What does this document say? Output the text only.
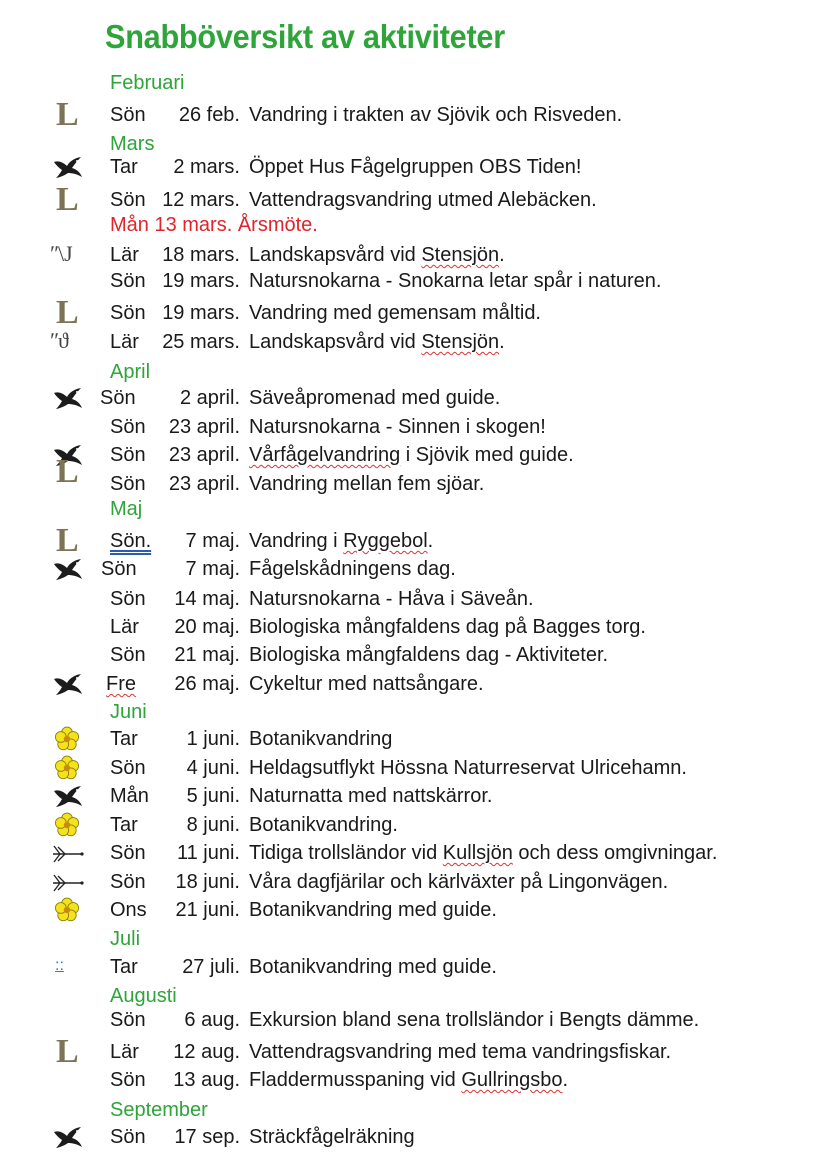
Snabböversikt av aktiviteter
Februari
Mars
April
Maj
Juni
Juli
Augusti
September
Sön 26 feb. Vandring i trakten av Sjövik och Risveden.
L
Tar 2 mars. Öppet Hus Fågelgruppen OBS Tiden!
Sön 12 mars. Vattendragsvandring utmed Alebäcken.
L
Mån 13 mars. Årsmöte.
Lär 18 mars. Landskapsvård vid Stensjön.
ʺ\J
Sön 19 mars. Natursnokarna - Snokarna letar spår i naturen.
Sön 19 mars. Vandring med gemensam måltid.
L
Lär 25 mars. Landskapsvård vid Stensjön.
ʺϑ
Sön 2 april. Säveåpromenad med guide.
Sön 23 april. Natursnokarna - Sinnen i skogen!
Sön 23 april. Vårfågelvandring i Sjövik med guide.
Sön 23 april. Vandring mellan fem sjöar.
L
Sön. 7 maj. Vandring i Ryggebol.
L
Sön 7 maj. Fågelskådningens dag.
Sön 14 maj. Natursnokarna - Håva i Säveån.
Lär 20 maj. Biologiska mångfaldens dag på Bagges torg.
Sön 21 maj. Biologiska mångfaldens dag - Aktiviteter.
Fre 26 maj. Cykeltur med nattsångare.
Tar 1 juni. Botanikvandring
Sön 4 juni. Heldagsutflykt Hössna Naturreservat Ulricehamn.
Mån 5 juni. Naturnatta med nattskärror.
Tar 8 juni. Botanikvandring.
Sön 11 juni. Tidiga trollsländor vid Kullsjön och dess omgivningar.
Sön 18 juni. Våra dagfjärilar och kärlväxter på Lingonvägen.
Ons 21 juni. Botanikvandring med guide.
Tar 27 juli. Botanikvandring med guide.
::
Sön 6 aug. Exkursion bland sena trollsländor i Bengts dämme.
Lär 12 aug. Vattendragsvandring med tema vandringsfiskar.
L
Sön 13 aug. Fladdermusspaning vid Gullringsbo.
Sön 17 sep. Sträckfågelräkning
